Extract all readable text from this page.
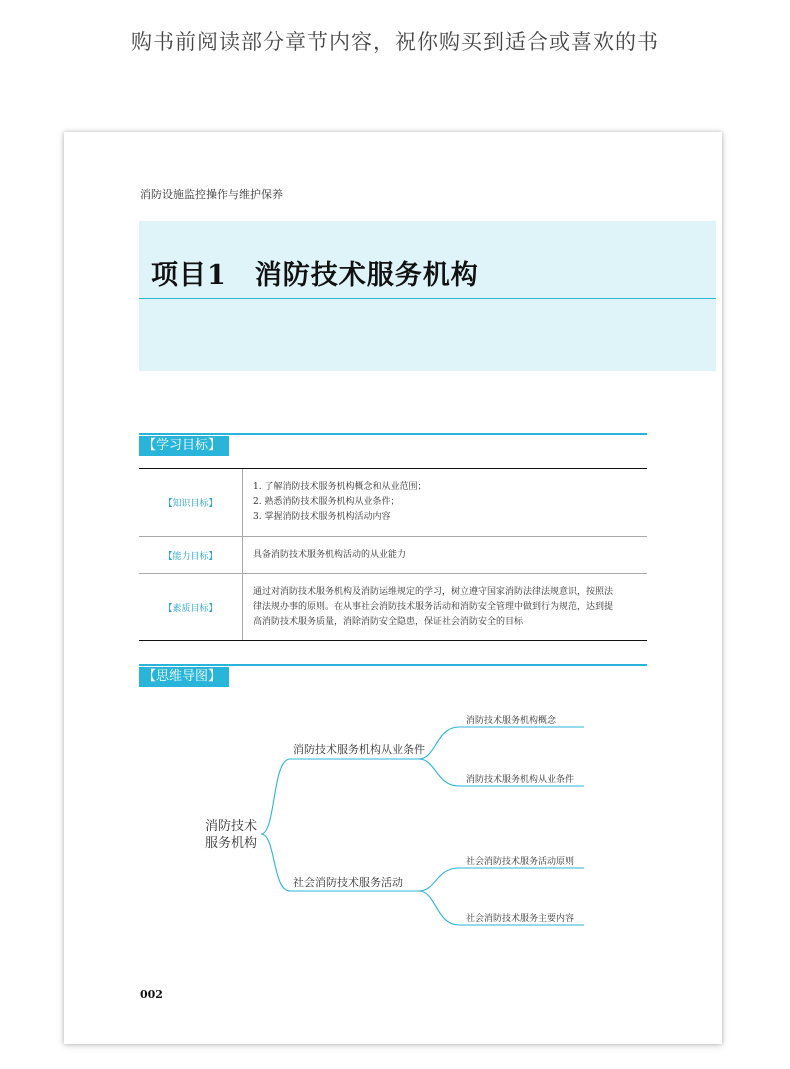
购书前阅读部分章节内容，祝你购买到适合或喜欢的书
消防设施监控操作与维护保养
项目1　消防技术服务机构
【学习目标】
【知识目标】
1. 了解消防技术服务机构概念和从业范围；
2. 熟悉消防技术服务机构从业条件；
3. 掌握消防技术服务机构活动内容
【能力目标】	具备消防技术服务机构活动的从业能力
【素质目标】
通过对消防技术服务机构及消防运维规定的学习，树立遵守国家消防法律法规意识，按照法
律法规办事的原则。在从事社会消防技术服务活动和消防安全管理中做到行为规范，达到提
高消防技术服务质量，消除消防安全隐患，保证社会消防安全的目标
【思维导图】
消防技术
服务机构
消防技术服务机构从业条件
社会消防技术服务活动
消防技术服务机构概念
消防技术服务机构从业条件
社会消防技术服务活动原则
社会消防技术服务主要内容
002
